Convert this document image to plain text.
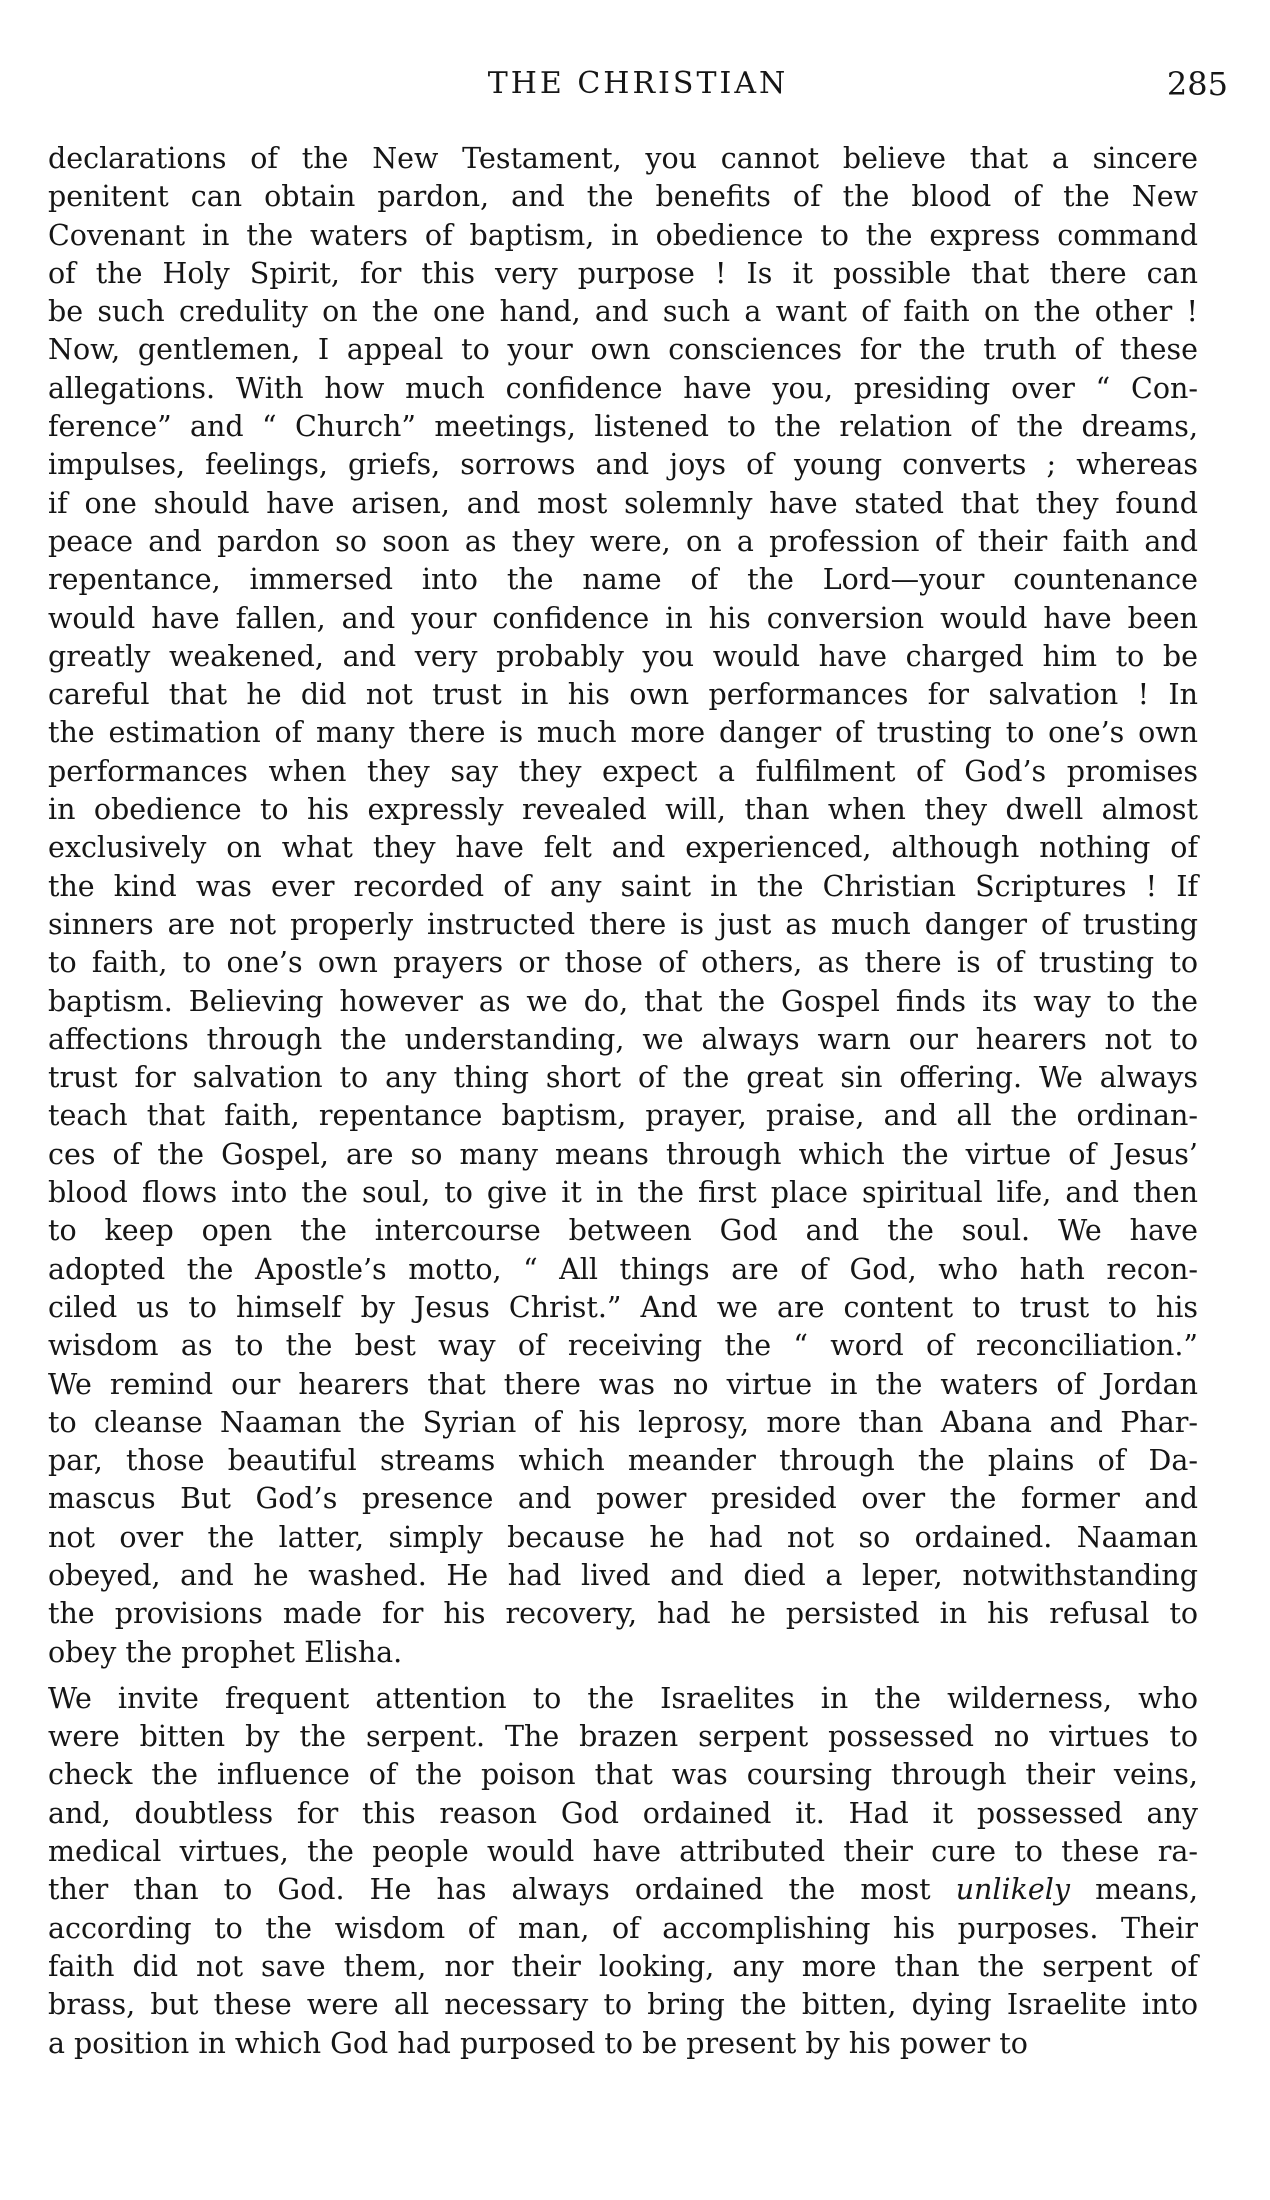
THE CHRISTIAN	285
declarations of the New Testament, you cannot believe that a sincere
penitent can obtain pardon, and the benefits of the blood of the New
Covenant in the waters of baptism, in obedience to the express command
of the Holy Spirit, for this very purpose ! Is it possible that there can
be such credulity on the one hand, and such a want of faith on the other !
Now, gentlemen, I appeal to your own consciences for the truth of these
allegations. With how much confidence have you, presiding over “ Con-
ference” and “ Church” meetings, listened to the relation of the dreams,
impulses, feelings, griefs, sorrows and joys of young converts ; whereas
if one should have arisen, and most solemnly have stated that they found
peace and pardon so soon as they were, on a profession of their faith and
repentance, immersed into the name of the Lord—your countenance
would have fallen, and your confidence in his conversion would have been
greatly weakened, and very probably you would have charged him to be
careful that he did not trust in his own performances for salvation ! In
the estimation of many there is much more danger of trusting to one’s own
performances when they say they expect a fulfilment of God’s promises
in obedience to his expressly revealed will, than when they dwell almost
exclusively on what they have felt and experienced, although nothing of
the kind was ever recorded of any saint in the Christian Scriptures ! If
sinners are not properly instructed there is just as much danger of trusting
to faith, to one’s own prayers or those of others, as there is of trusting to
baptism. Believing however as we do, that the Gospel finds its way to the
affections through the understanding, we always warn our hearers not to
trust for salvation to any thing short of the great sin offering. We always
teach that faith, repentance baptism, prayer, praise, and all the ordinan-
ces of the Gospel, are so many means through which the virtue of Jesus’
blood flows into the soul, to give it in the first place spiritual life, and then
to keep open the intercourse between God and the soul. We have
adopted the Apostle’s motto, “ All things are of God, who hath recon-
ciled us to himself by Jesus Christ.” And we are content to trust to his
wisdom as to the best way of receiving the “ word of reconciliation.”
We remind our hearers that there was no virtue in the waters of Jordan
to cleanse Naaman the Syrian of his leprosy, more than Abana and Phar-
par, those beautiful streams which meander through the plains of Da-
mascus But God’s presence and power presided over the former and
not over the latter, simply because he had not so ordained. Naaman
obeyed, and he washed. He had lived and died a leper, notwithstanding
the provisions made for his recovery, had he persisted in his refusal to
obey the prophet Elisha.
We invite frequent attention to the Israelites in the wilderness, who
were bitten by the serpent. The brazen serpent possessed no virtues to
check the influence of the poison that was coursing through their veins,
and, doubtless for this reason God ordained it. Had it possessed any
medical virtues, the people would have attributed their cure to these ra-
ther than to God. He has always ordained the most unlikely means,
according to the wisdom of man, of accomplishing his purposes. Their
faith did not save them, nor their looking, any more than the serpent of
brass, but these were all necessary to bring the bitten, dying Israelite into
a position in which God had purposed to be present by his power to
